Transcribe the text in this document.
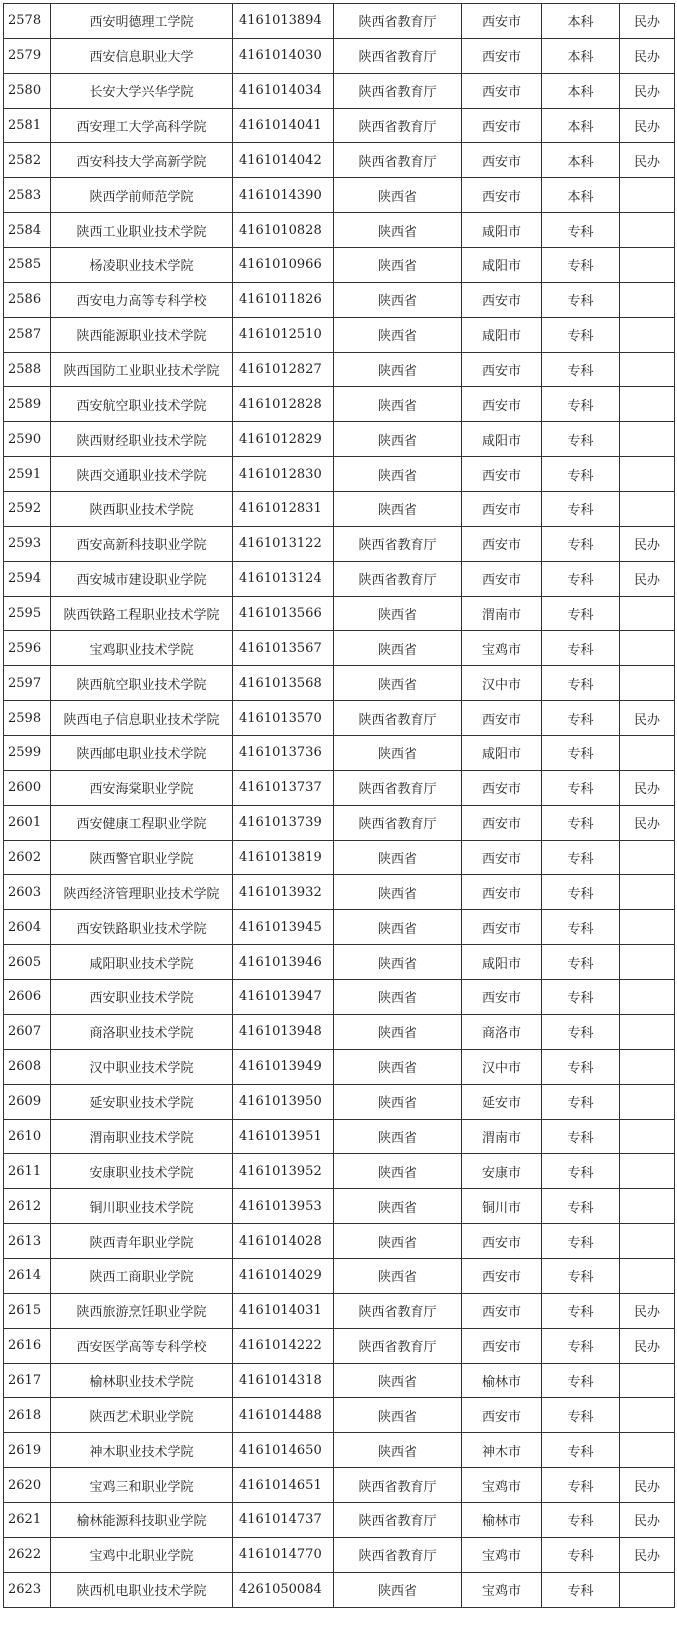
2578	西安明德理工学院	4161013894	陕西省教育厅	西安市	本科	民办
2579	西安信息职业大学	4161014030	陕西省教育厅	西安市	本科	民办
2580	长安大学兴华学院	4161014034	陕西省教育厅	西安市	本科	民办
2581	西安理工大学高科学院	4161014041	陕西省教育厅	西安市	本科	民办
2582	西安科技大学高新学院	4161014042	陕西省教育厅	西安市	本科	民办
2583	陕西学前师范学院	4161014390	陕西省	西安市	本科	
2584	陕西工业职业技术学院	4161010828	陕西省	咸阳市	专科	
2585	杨凌职业技术学院	4161010966	陕西省	咸阳市	专科	
2586	西安电力高等专科学校	4161011826	陕西省	西安市	专科	
2587	陕西能源职业技术学院	4161012510	陕西省	咸阳市	专科	
2588	陕西国防工业职业技术学院	4161012827	陕西省	西安市	专科	
2589	西安航空职业技术学院	4161012828	陕西省	西安市	专科	
2590	陕西财经职业技术学院	4161012829	陕西省	咸阳市	专科	
2591	陕西交通职业技术学院	4161012830	陕西省	西安市	专科	
2592	陕西职业技术学院	4161012831	陕西省	西安市	专科	
2593	西安高新科技职业学院	4161013122	陕西省教育厅	西安市	专科	民办
2594	西安城市建设职业学院	4161013124	陕西省教育厅	西安市	专科	民办
2595	陕西铁路工程职业技术学院	4161013566	陕西省	渭南市	专科	
2596	宝鸡职业技术学院	4161013567	陕西省	宝鸡市	专科	
2597	陕西航空职业技术学院	4161013568	陕西省	汉中市	专科	
2598	陕西电子信息职业技术学院	4161013570	陕西省教育厅	西安市	专科	民办
2599	陕西邮电职业技术学院	4161013736	陕西省	咸阳市	专科	
2600	西安海棠职业学院	4161013737	陕西省教育厅	西安市	专科	民办
2601	西安健康工程职业学院	4161013739	陕西省教育厅	西安市	专科	民办
2602	陕西警官职业学院	4161013819	陕西省	西安市	专科	
2603	陕西经济管理职业技术学院	4161013932	陕西省	西安市	专科	
2604	西安铁路职业技术学院	4161013945	陕西省	西安市	专科	
2605	咸阳职业技术学院	4161013946	陕西省	咸阳市	专科	
2606	西安职业技术学院	4161013947	陕西省	西安市	专科	
2607	商洛职业技术学院	4161013948	陕西省	商洛市	专科	
2608	汉中职业技术学院	4161013949	陕西省	汉中市	专科	
2609	延安职业技术学院	4161013950	陕西省	延安市	专科	
2610	渭南职业技术学院	4161013951	陕西省	渭南市	专科	
2611	安康职业技术学院	4161013952	陕西省	安康市	专科	
2612	铜川职业技术学院	4161013953	陕西省	铜川市	专科	
2613	陕西青年职业学院	4161014028	陕西省	西安市	专科	
2614	陕西工商职业学院	4161014029	陕西省	西安市	专科	
2615	陕西旅游烹饪职业学院	4161014031	陕西省教育厅	西安市	专科	民办
2616	西安医学高等专科学校	4161014222	陕西省教育厅	西安市	专科	民办
2617	榆林职业技术学院	4161014318	陕西省	榆林市	专科	
2618	陕西艺术职业学院	4161014488	陕西省	西安市	专科	
2619	神木职业技术学院	4161014650	陕西省	神木市	专科	
2620	宝鸡三和职业学院	4161014651	陕西省教育厅	宝鸡市	专科	民办
2621	榆林能源科技职业学院	4161014737	陕西省教育厅	榆林市	专科	民办
2622	宝鸡中北职业学院	4161014770	陕西省教育厅	宝鸡市	专科	民办
2623	陕西机电职业技术学院	4261050084	陕西省	宝鸡市	专科	
